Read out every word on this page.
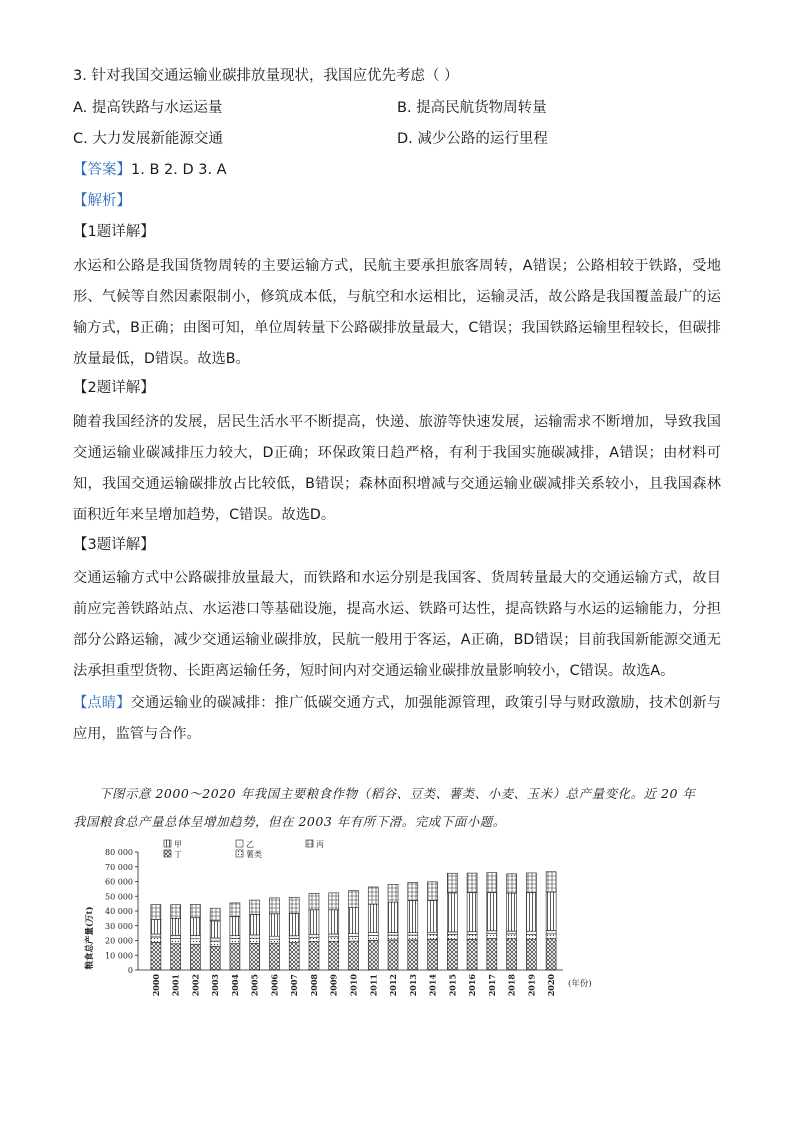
3. 针对我国交通运输业碳排放量现状，我国应优先考虑（ ）
A. 提高铁路与水运运量	B. 提高民航货物周转量
C. 大力发展新能源交通	D. 减少公路的运行里程
【答案】1. B 2. D 3. A
【解析】
【1题详解】
水运和公路是我国货物周转的主要运输方式，民航主要承担旅客周转，A错误；公路相较于铁路，受地形、气候等自然因素限制小，修筑成本低，与航空和水运相比，运输灵活，故公路是我国覆盖最广的运输方式，B正确；由图可知，单位周转量下公路碳排放量最大，C错误；我国铁路运输里程较长，但碳排放量最低，D错误。故选B。
【2题详解】
随着我国经济的发展，居民生活水平不断提高，快递、旅游等快速发展，运输需求不断增加，导致我国交通运输业碳减排压力较大，D正确；环保政策日趋严格，有利于我国实施碳减排，A错误；由材料可知，我国交通运输碳排放占比较低，B错误；森林面积增减与交通运输业碳减排关系较小，且我国森林面积近年来呈增加趋势，C错误。故选D。
【3题详解】
交通运输方式中公路碳排放量最大，而铁路和水运分别是我国客、货周转量最大的交通运输方式，故目前应完善铁路站点、水运港口等基础设施，提高水运、铁路可达性，提高铁路与水运的运输能力，分担部分公路运输，减少交通运输业碳排放，民航一般用于客运，A正确，BD错误；目前我国新能源交通无法承担重型货物、长距离运输任务，短时间内对交通运输业碳排放量影响较小，C错误。故选A。
【点睛】交通运输业的碳减排：推广低碳交通方式，加强能源管理，政策引导与财政激励，技术创新与应用，监管与合作。
下图示意 2000～2020 年我国主要粮食作物（稻谷、豆类、薯类、小麦、玉米）总产量变化。近 20 年
我国粮食总产量总体呈增加趋势，但在 2003 年有所下滑。完成下面小题。
粮食总产量(万t)
0
10 000
20 000
30 000
40 000
50 000
60 000
70 000
80 000
2000 2001 2002 2003 2004 2005 2006 2007 2008 2009 2010 2011 2012 2013 2014 2015 2016 2017 2018 2019 2020
丁	薯类
乙
甲	丙
(年份)
